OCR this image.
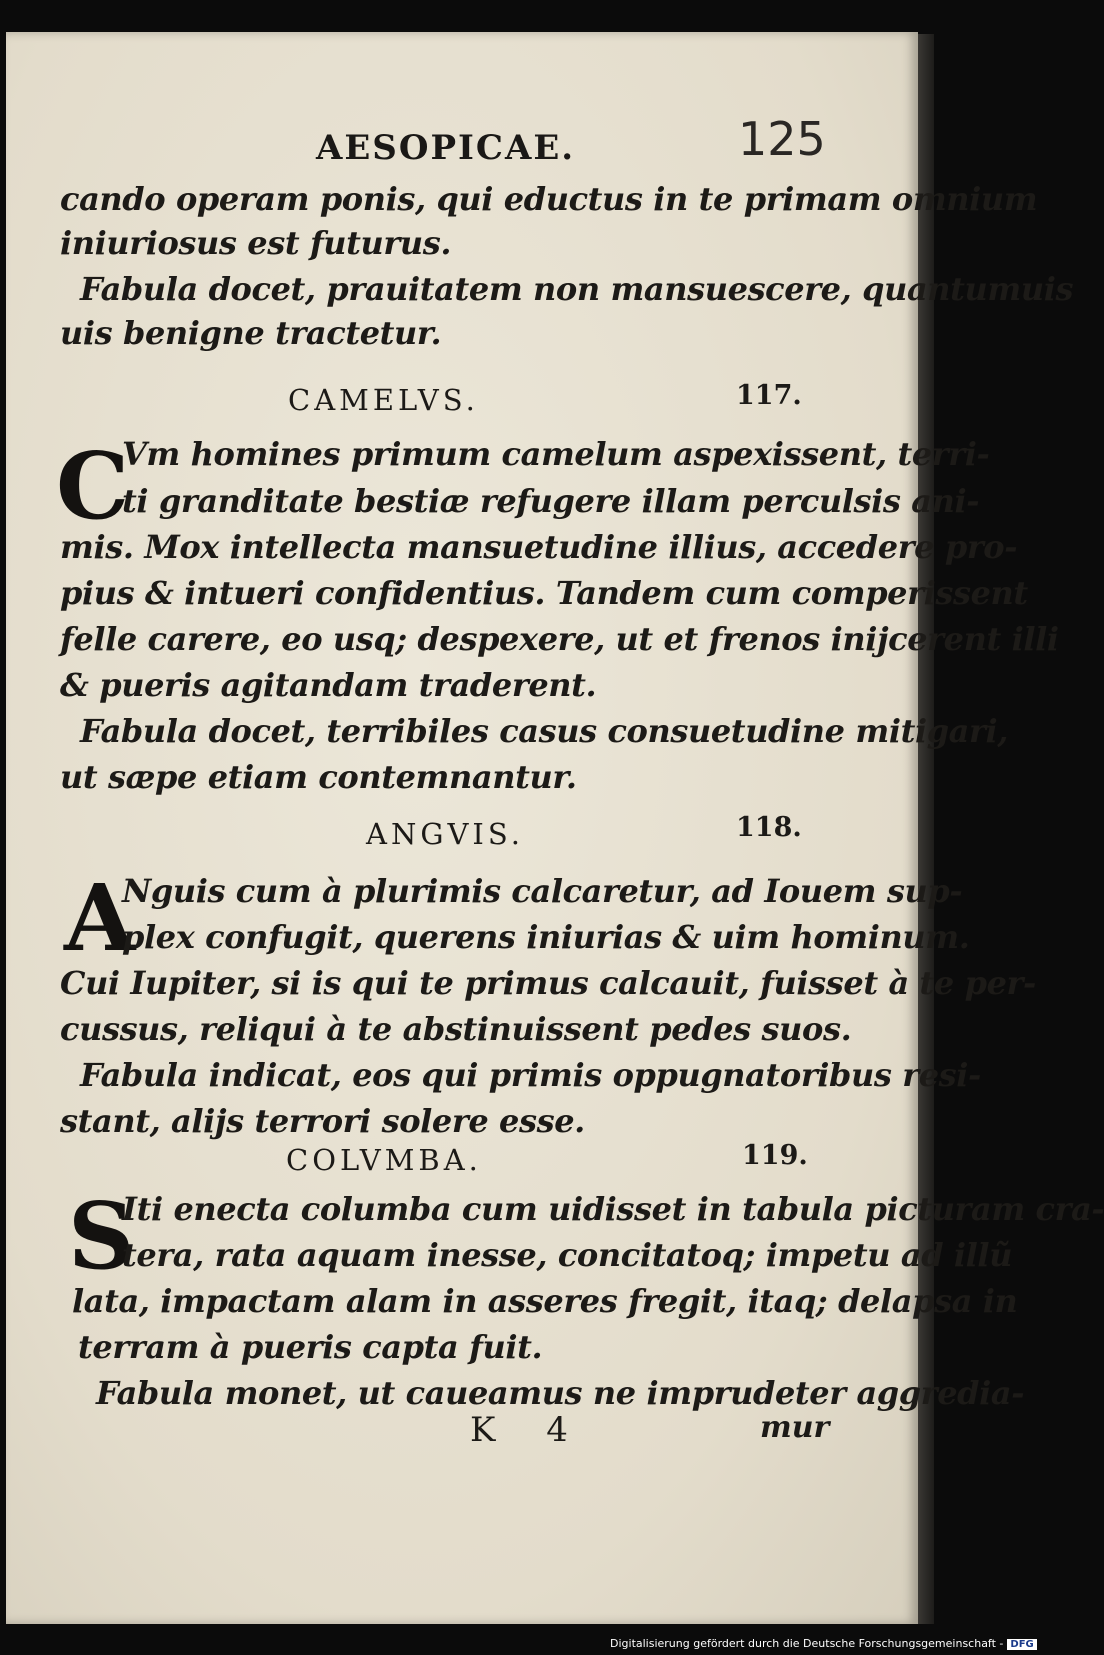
AESOPICAE.	125
cando operam ponis, qui eductus in te primam omnium
iniuriosus est futurus.
Fabula docet, prauitatem non mansuescere, quantumuis
uis benigne tractetur.
CAMELVS.	117.
C
Vm homines primum camelum aspexissent, terri-
ti granditate bestiæ refugere illam perculsis ani-
mis. Mox intellecta mansuetudine illius, accedere pro-
pius & intueri confidentius. Tandem cum comperissent
felle carere, eo usq; despexere, ut et frenos inijcerent illi
& pueris agitandam traderent.
Fabula docet, terribiles casus consuetudine mitigari,
ut sæpe etiam contemnantur.
ANGVIS.	118.
A
Nguis cum à plurimis calcaretur, ad Iouem sup-
plex confugit, querens iniurias & uim hominum.
Cui Iupiter, si is qui te primus calcauit, fuisset à te per-
cussus, reliqui à te abstinuissent pedes suos.
Fabula indicat, eos qui primis oppugnatoribus resi-
stant, alijs terrori solere esse.
COLVMBA.	119.
S
Iti enecta columba cum uidisset in tabula picturam cra-
tera, rata aquam inesse, concitatoq; impetu ad illũ
lata, impactam alam in asseres fregit, itaq; delapsa in
terram à pueris capta fuit.
Fabula monet, ut caueamus ne imprudeter aggredia-
K 4	mur
Digitalisierung gefördert durch die Deutsche Forschungsgemeinschaft - DFG
